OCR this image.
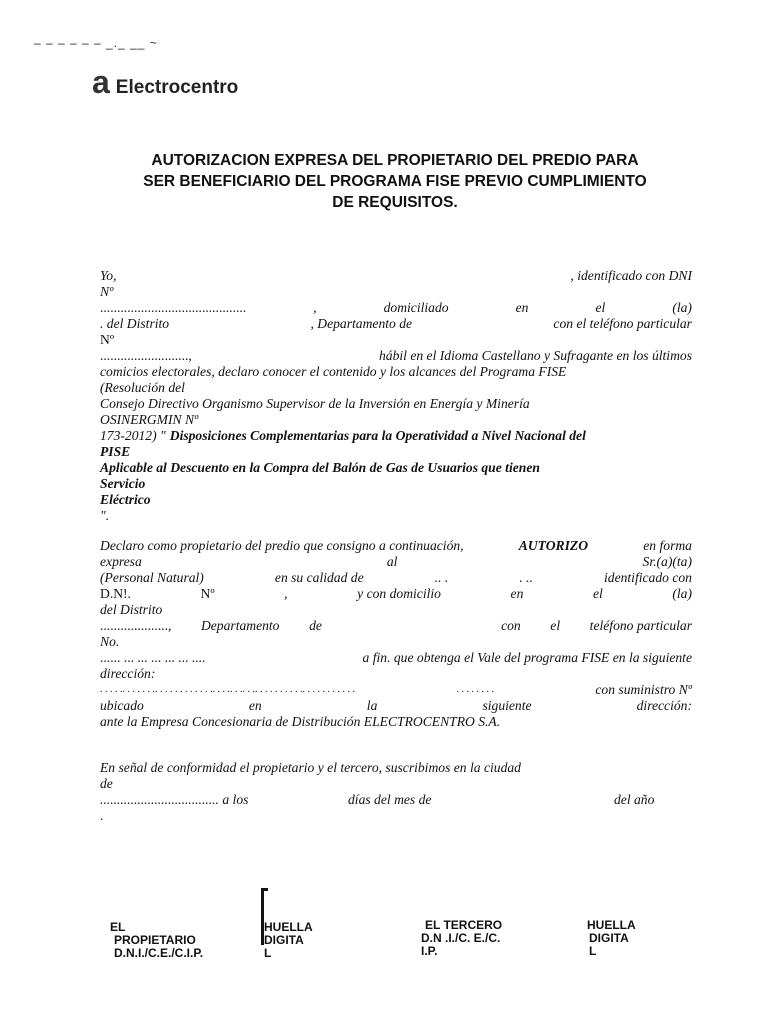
– – – – – – _._ __ ~
a Electrocentro
AUTORIZACION EXPRESA DEL PROPIETARIO DEL PREDIO PARA
SER BENEFICIARIO DEL PROGRAMA FISE PREVIO CUMPLIMIENTO
DE REQUISITOS.
Yo,	, identificado con DNI
Nº
...........................................	,	domiciliado	en	el	(la)
. del Distrito	, Departamento de	con el teléfono particular
Nº
..........................,	hábil en el Idioma Castellano y Sufragante en los últimos
comicios electorales, declaro conocer el contenido y los alcances del Programa FISE
(Resolución del
Consejo Directivo Organismo Supervisor de la Inversión en Energía y Minería
OSINERGMIN Nº
173-2012) " Disposiciones Complementarias para la Operatividad a Nivel Nacional del
PISE
Aplicable al Descuento en la Compra del Balón de Gas de Usuarios que tienen
Servicio
Eléctrico
".
Declaro como propietario del predio que consigno a continuación,	AUTORIZO	en forma
expresa	al	Sr.(a)(ta)
(Personal Natural)	en su calidad de	.. .	. ..	identificado con
D.N!.	Nº	,	y con domicilio	en	el	(la)
del Distrito
...................., Departamento de	con el teléfono particular
No.
...... ... ... ... ... ... ....	a fin. que obtenga el Vale del programa FISE en la siguiente
dirección:
. . . . .. . . . . . .. . . . . . . . . . . .. . . .. . .. . .. . . . . . . . . .. . . . . . . . . . .	. . . . . . . .	con suministro Nº
ubicado	en	la	siguiente	dirección:
ante la Empresa Concesionaria de Distribución ELECTROCENTRO S.A.
En señal de conformidad el propietario y el tercero, suscribimos en la ciudad
de
................................... a los	días del mes de	del año
.
EL
PROPIETARIO
D.N.I./C.E./C.I.P.
HUELLA
DIGITA
L
EL TERCERO
D.N .I./C. E./C.
I.P.
HUELLA
DIGITA
L
